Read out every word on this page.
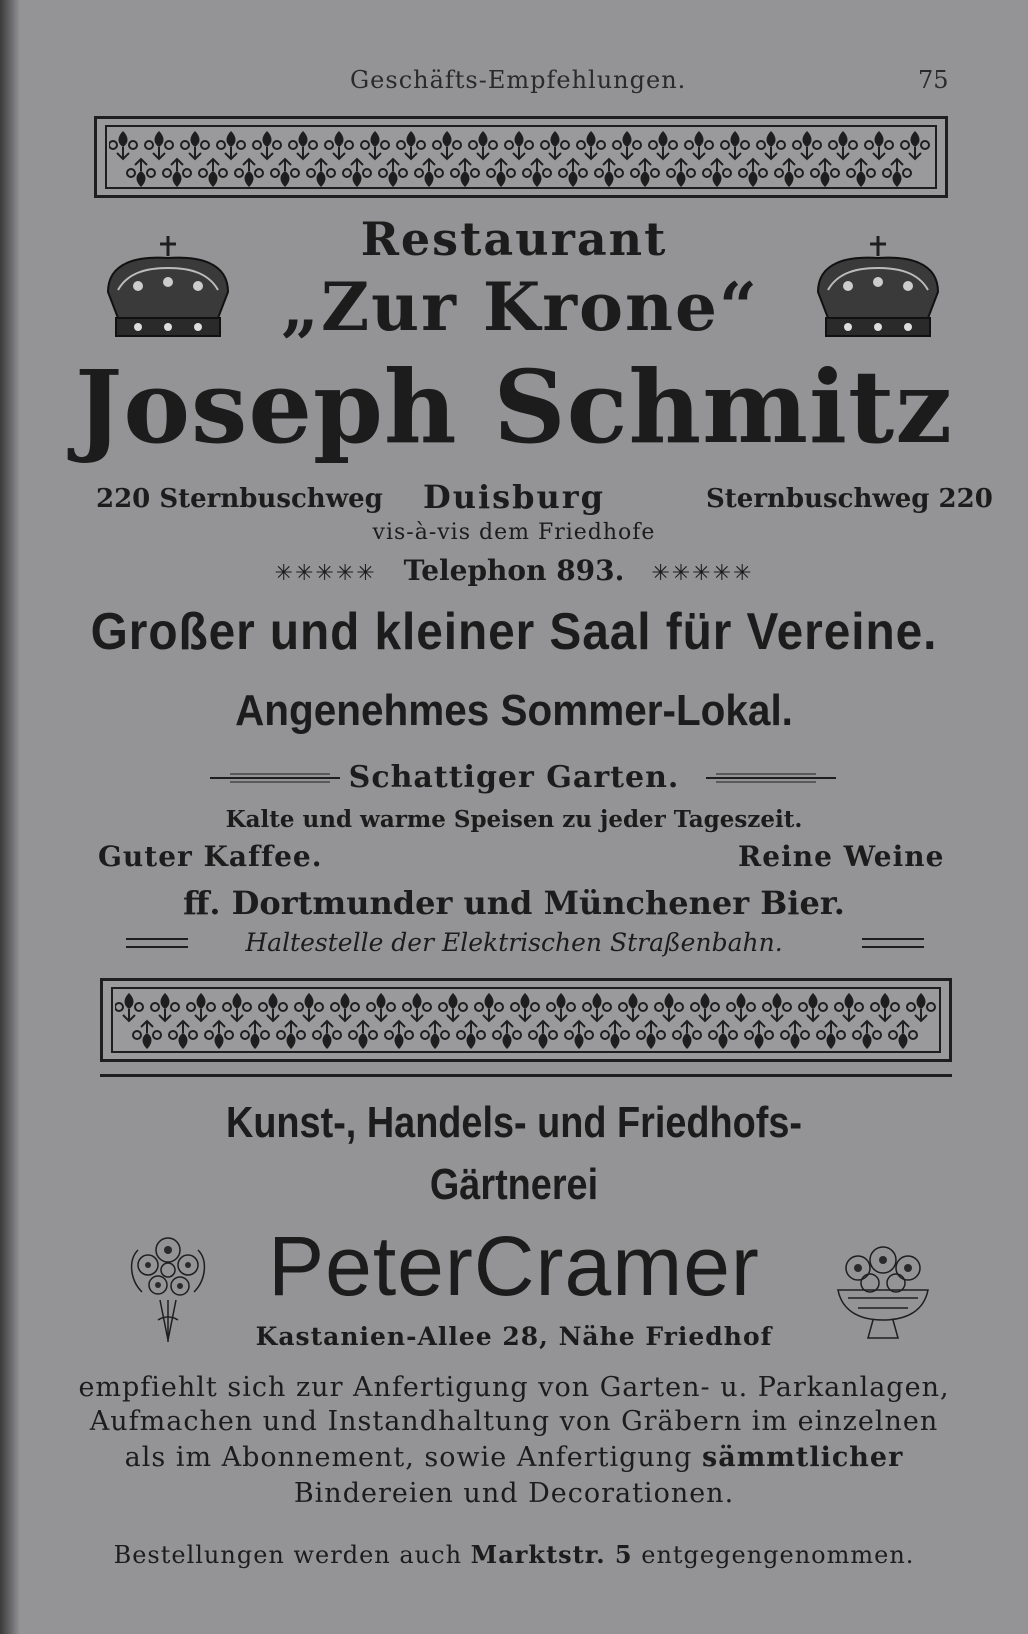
Geschäfts-Empfehlungen.	75
Restaurant
„Zur Krone“
Joseph Schmitz
220 Sternbuschweg	Duisburg	Sternbuschweg 220
vis-à-vis dem Friedhofe
✳✳✳✳✳ Telephon 893. ✳✳✳✳✳
Großer und kleiner Saal für Vereine.
Angenehmes Sommer-Lokal.
Schattiger Garten.
Kalte und warme Speisen zu jeder Tageszeit.
Guter Kaffee.	Reine Weine
ff. Dortmunder und Münchener Bier.
Haltestelle der Elektrischen Straßenbahn.
Kunst-, Handels- und Friedhofs-
Gärtnerei
PeterCramer
Kastanien-Allee 28, Nähe Friedhof
empfiehlt sich zur Anfertigung von Garten- u. Parkanlagen,
Aufmachen und Instandhaltung von Gräbern im einzelnen
als im Abonnement, sowie Anfertigung sämmtlicher
Bindereien und Decorationen.
Bestellungen werden auch Marktstr. 5 entgegengenommen.
